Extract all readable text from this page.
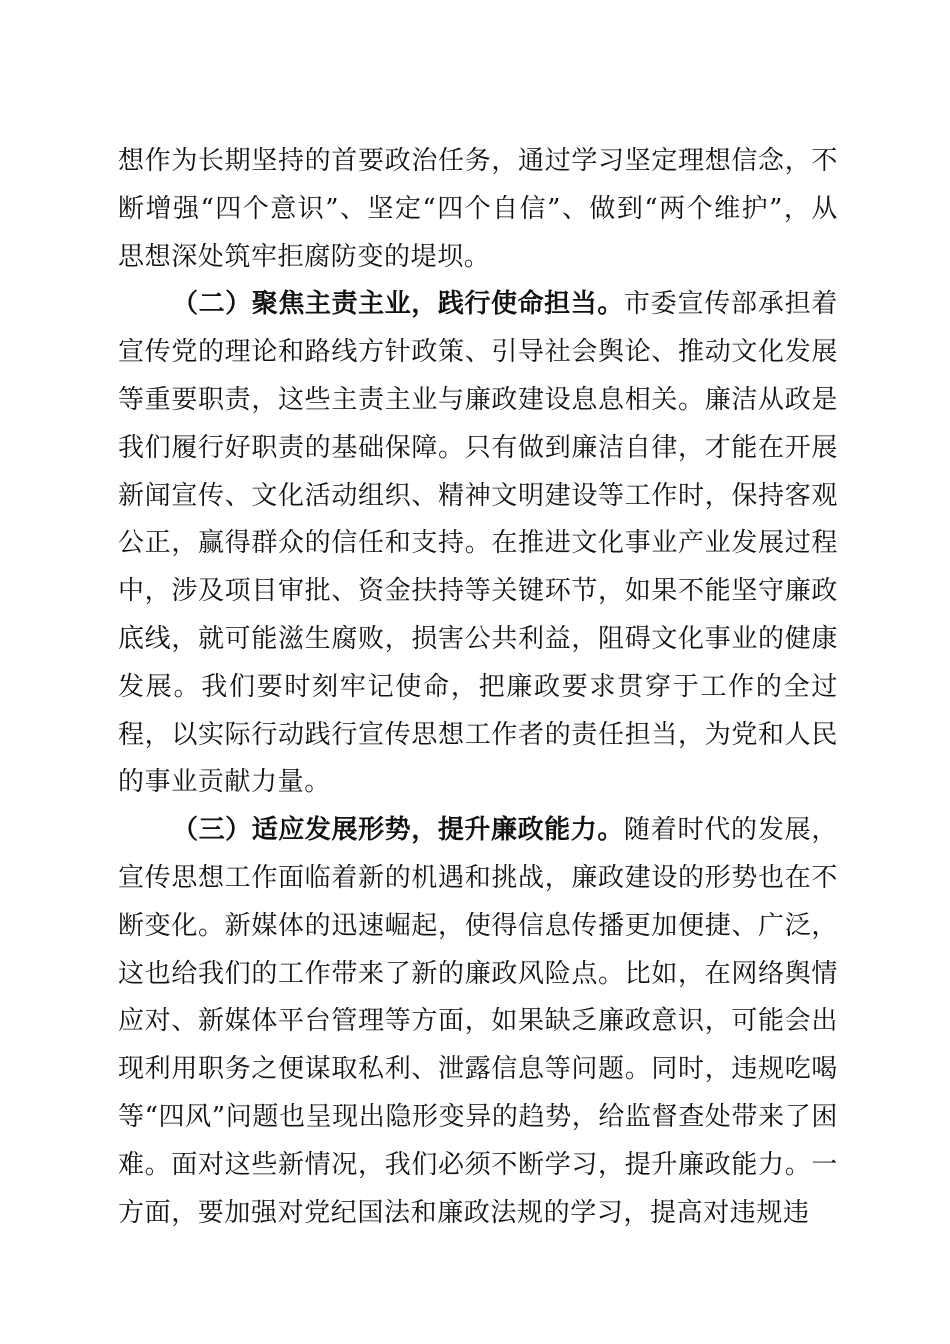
想作为长期坚持的首要政治任务，通过学习坚定理想信念，不断增强“四个意识”、坚定“四个自信”、做到“两个维护”，从思想深处筑牢拒腐防变的堤坝。

（二）聚焦主责主业，践行使命担当。市委宣传部承担着宣传党的理论和路线方针政策、引导社会舆论、推动文化发展等重要职责，这些主责主业与廉政建设息息相关。廉洁从政是我们履行好职责的基础保障。只有做到廉洁自律，才能在开展新闻宣传、文化活动组织、精神文明建设等工作时，保持客观公正，赢得群众的信任和支持。在推进文化事业产业发展过程中，涉及项目审批、资金扶持等关键环节，如果不能坚守廉政底线，就可能滋生腐败，损害公共利益，阻碍文化事业的健康发展。我们要时刻牢记使命，把廉政要求贯穿于工作的全过程，以实际行动践行宣传思想工作者的责任担当，为党和人民的事业贡献力量。

（三）适应发展形势，提升廉政能力。随着时代的发展，宣传思想工作面临着新的机遇和挑战，廉政建设的形势也在不断变化。新媒体的迅速崛起，使得信息传播更加便捷、广泛，这也给我们的工作带来了新的廉政风险点。比如，在网络舆情应对、新媒体平台管理等方面，如果缺乏廉政意识，可能会出现利用职务之便谋取私利、泄露信息等问题。同时，违规吃喝等“四风”问题也呈现出隐形变异的趋势，给监督查处带来了困难。面对这些新情况，我们必须不断学习，提升廉政能力。一方面，要加强对党纪国法和廉政法规的学习，提高对违规违
